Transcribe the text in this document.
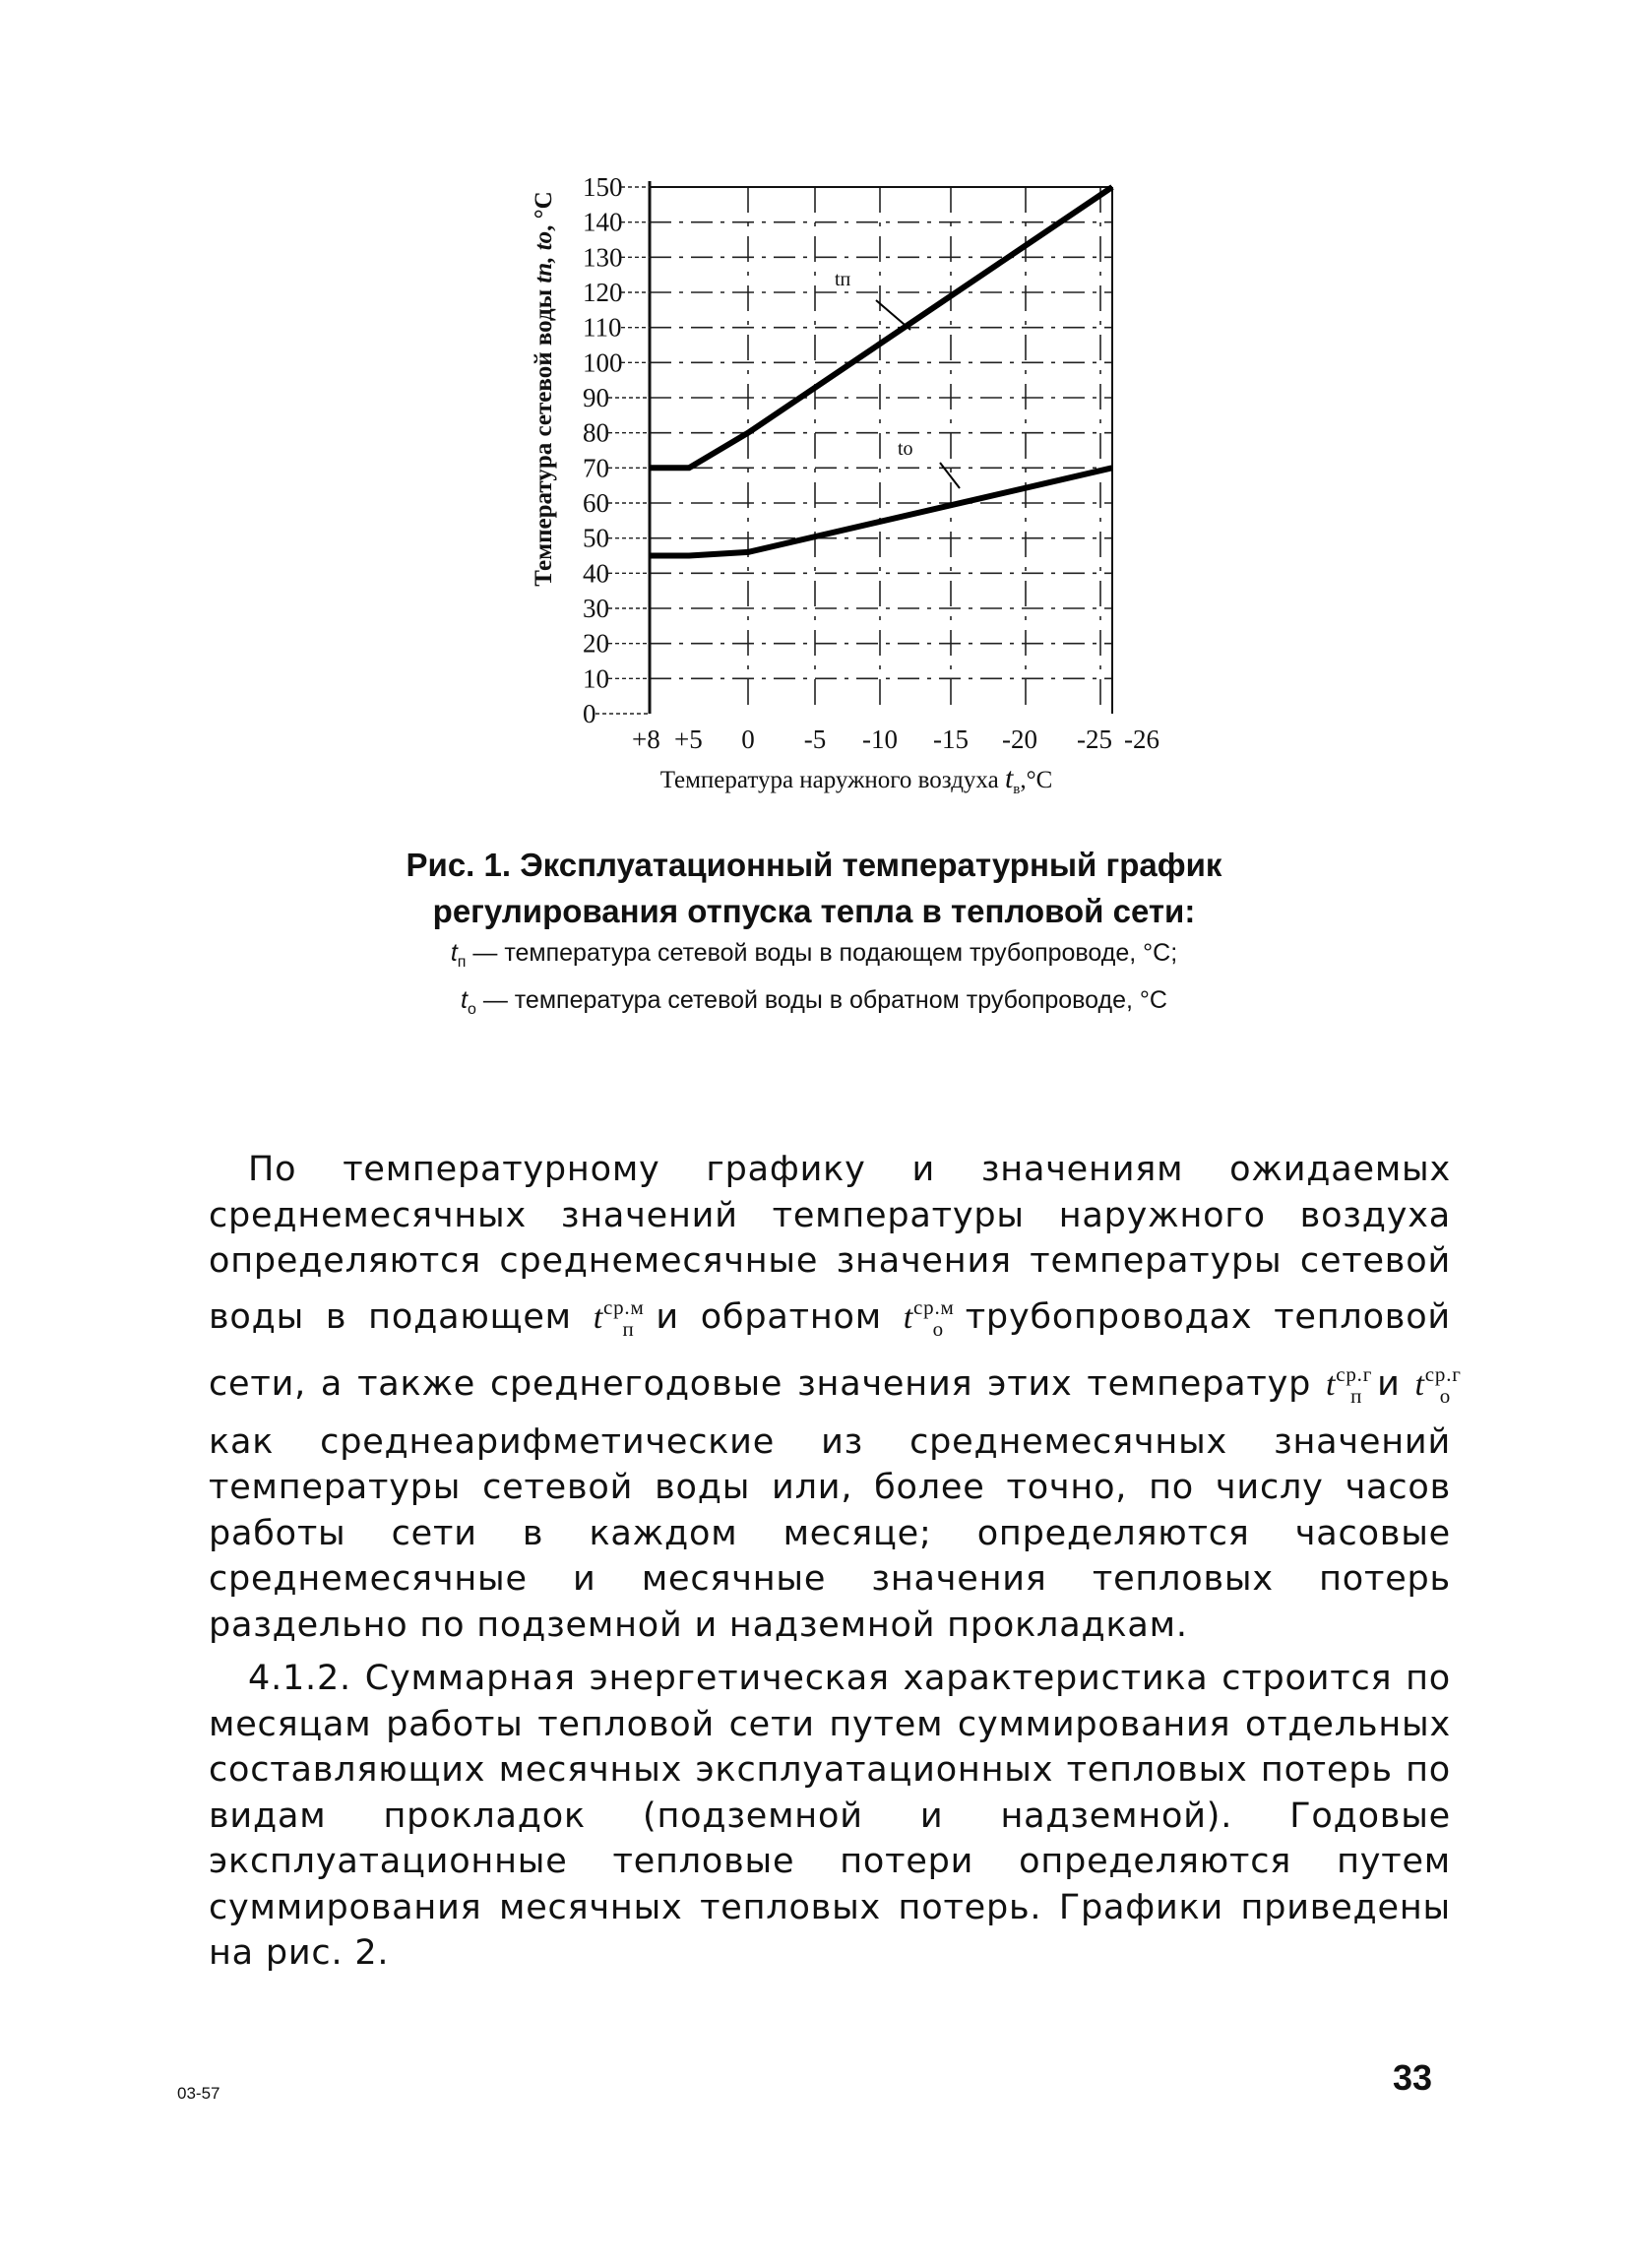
tп
tо
0
10
20
30
40
50
60
70
80
90
100
110
120
130
140
150
+8 +5 0 -5 -10 -15 -20 -25 -26
Температура сетевой воды tп, tо, °C
Температура наружного воздуха $t_в,^\circ C$
Рис. 1. Эксплуатационный температурный график
регулирования отпуска тепла в тепловой сети:
$t_п$ — температура сетевой воды в подающем трубопроводе, °С;
$t_о$ — температура сетевой воды в обратном трубопроводе, °С

По температурному графику и значениям ожидаемых среднемесячных значений температуры наружного воздуха определяются среднемесячные значения температуры сетевой воды в подающем $t^{ср.м}_п$ и обратном $t^{ср.м}_о$ трубопроводах тепловой сети, а также среднегодовые значения этих температур $t^{ср.г}_п$ и $t^{ср.г}_о$ как среднеарифметические из среднемесячных значений температуры сетевой воды или, более точно, по числу часов работы сети в каждом месяце; определяются часовые среднемесячные и месячные значения тепловых потерь раздельно по подземной и надземной прокладкам.

4.1.2. Суммарная энергетическая характеристика строится по месяцам работы тепловой сети путем суммирования отдельных составляющих месячных эксплуатационных тепловых потерь по видам прокладок (подземной и надземной). Годовые эксплуатационные тепловые потери определяются путем суммирования месячных тепловых потерь. Графики приведены на рис. 2.

03-57	33
